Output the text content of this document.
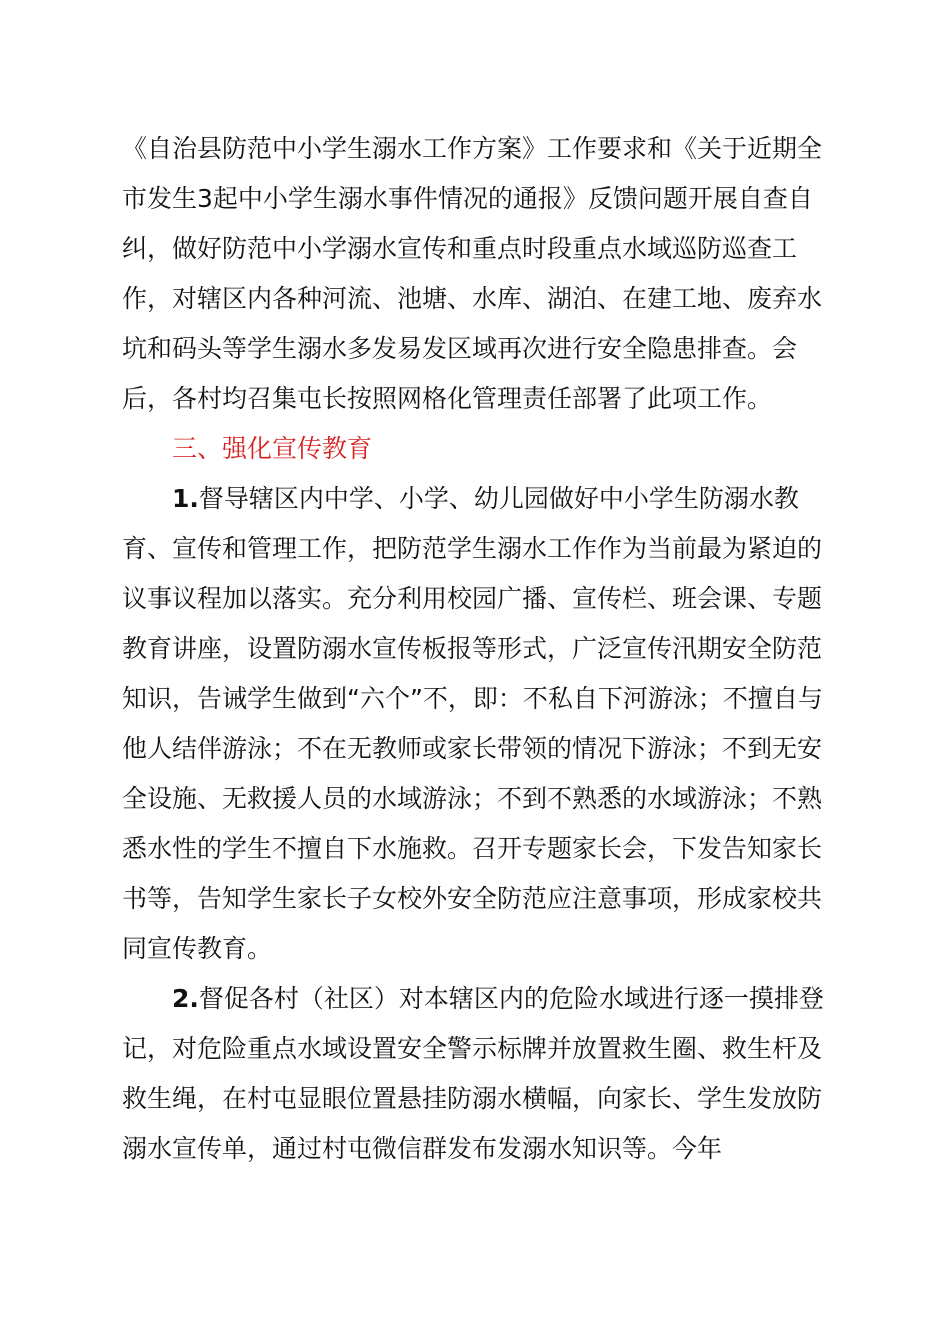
《自治县防范中小学生溺水工作方案》工作要求和《关于近期全市发生3起中小学生溺水事件情况的通报》反馈问题开展自查自纠，做好防范中小学溺水宣传和重点时段重点水域巡防巡查工作，对辖区内各种河流、池塘、水库、湖泊、在建工地、废弃水坑和码头等学生溺水多发易发区域再次进行安全隐患排查。会后，各村均召集屯长按照网格化管理责任部署了此项工作。

三、强化宣传教育

1.督导辖区内中学、小学、幼儿园做好中小学生防溺水教育、宣传和管理工作，把防范学生溺水工作作为当前最为紧迫的议事议程加以落实。充分利用校园广播、宣传栏、班会课、专题教育讲座，设置防溺水宣传板报等形式，广泛宣传汛期安全防范知识，告诫学生做到“六个”不，即：不私自下河游泳；不擅自与他人结伴游泳；不在无教师或家长带领的情况下游泳；不到无安全设施、无救援人员的水域游泳；不到不熟悉的水域游泳；不熟悉水性的学生不擅自下水施救。召开专题家长会，下发告知家长书等，告知学生家长子女校外安全防范应注意事项，形成家校共同宣传教育。

2.督促各村（社区）对本辖区内的危险水域进行逐一摸排登记，对危险重点水域设置安全警示标牌并放置救生圈、救生杆及救生绳，在村屯显眼位置悬挂防溺水横幅，向家长、学生发放防溺水宣传单，通过村屯微信群发布发溺水知识等。今年
